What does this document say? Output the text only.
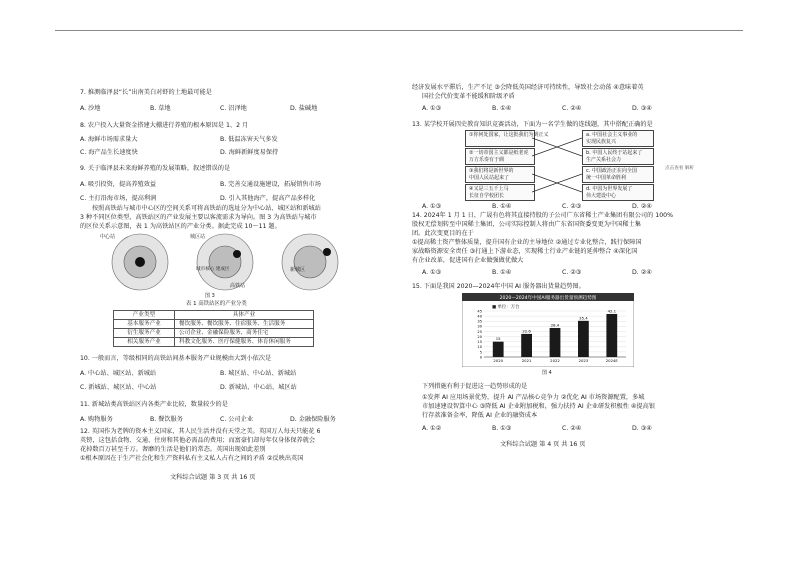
7. 推测临泽县“长”出南美白对虾的土地最可能是
A. 沙地	B. 草地	C. 沼泽地	D. 盐碱地
8. 农户投入大量资金搭建大棚进行养殖的根本原因是 1、2 月
A. 海鲜市场需求量大	B. 低温冻害天气多发
C. 海产品生长速度快	D. 海鲜新鲜度易保持
9. 关于临泽县未来海鲜养殖的发展策略，叙述错误的是
A. 吸引投资，提高养殖效益	B. 完善交通设施建设，拓展销售市场
C. 主打沿海市场，提高利润	D. 引入其他海产，提高产品多样化
按照高铁站与城市中心区的空间关系可将高铁站的选址分为中心站、城区站和新城站
3 种不同区位类型，高铁站区的产业发展主要以客流需求为导向。图 3 为高铁站与城市
的区位关系示意图，表 1 为高铁站区的产业分类。据此完成 10～11 题。
中心站	城区站
城市核心 建成区	新城区
高铁站
图 3
表 1 高铁站区的产业分类
产业类型	具体产业
基本服务产业	餐饮服务、餐饮服务、住宿服务、生活服务
衍生服务产业	公司企业、金融保险服务、商务住宅
相关服务产业	科教文化服务、医疗保健服务、体育休闲服务
10. 一般而言，等级相同的高铁站间基本服务产业规模由大到小依次是
A. 中心站、城区站、新城站	B. 城区站、中心站、新城站
C. 新城站、城区站、中心站	D. 新城站、中心站、城区站
11. 新城站类高铁站区内各类产业比较，数量较少的是
A. 购物服务	B. 餐饮服务	C. 公司企业	D. 金融保险服务
12. 英国作为老牌的资本主义国家，其人民生活并没有天堂之美。英国万人每天只能花 6
英镑，这包括食物、交通、住房和其他必需品的费用；而富豪们却每年仅身体保养就会
花掉数百万甚至千万。奢靡的生活是他们的常态。英国出现如此差别
①根本原因在于生产社会化和生产资料私有主义私人占有之间的矛盾 ②反映出英国
文科综合试题 第 3 页 共 16 页
经济发展水平滞后，生产不足 ③会降低英国经济可持续性，导致社会动荡 ④意味着英
国社会代价变革不能缓和阶级矛盾
A. ①③	B. ①④	C. ②④	D. ③④
13. 某学校开展四史教育知识竞赛活动，下面为一名学生做的连线题，其中搭配正确的是
①你何处国家，让这批我们为到正义
②一切帝国主义都是纸老虎
万方乐奏有于阗
③我们将是新世界的
中国人民站起来了
④又是三五千上马
长征自学校团长
a. 中国社会主义事业的
实现民族复兴
b. 中国人民终于站起来了
生产关系社会力
c. 中国政治正在向全国
统一中国革命胜利
d. 中国为世界发展了
伟大建设中心
点击查看 解析
A. ①③	B. ①④	C. ②③	D. ②④
14. 2024年 1 月 1 日，广晟有色将其直接持股的子公司广东省稀土产业集团有限公司的 100%
股权无偿划转至中国稀土集团，公司实际控制人将由广东省国资委变更为中国稀土集
团。此次变更目的在于
①提高稀土资产整体质量，提升国有企业的主导地位 ②通过专业化整合，践行保障国
家战略资源安全责任 ③打通上下游业态，实现稀土行业产业链的延伸整合 ④深化国
有企业改革，促进国有企业做强做优做大
A. ①③	B. ①④	C. ②③	D. ②④
15. 下面是我国 2020—2024年中国 AI 服务器出货量趋势图。
2020—2024年中国AI服务器出货量预测趋势图
■ 单位：万台
0
5
10
15
20
25
30
35
40
45
15
2020
22.6
2021
28.4
2022
35.4
2023
42.1
2024E
图 4
下列措施有利于促进这一趋势形成的是
①发挥 AI 应用场景优势，提升 AI 产品核心竞争力 ②优化 AI 市场资源配置，多城
市加速建设智算中心 ③降低 AI 企业附加税和，强力扶持 AI 企业研发积极性 ④提高银
行存款准备金率，降低 AI 企业的融资成本
A. ①②	B. ①③	C. ②④	D. ③④
文科综合试题 第 4 页 共 16 页
